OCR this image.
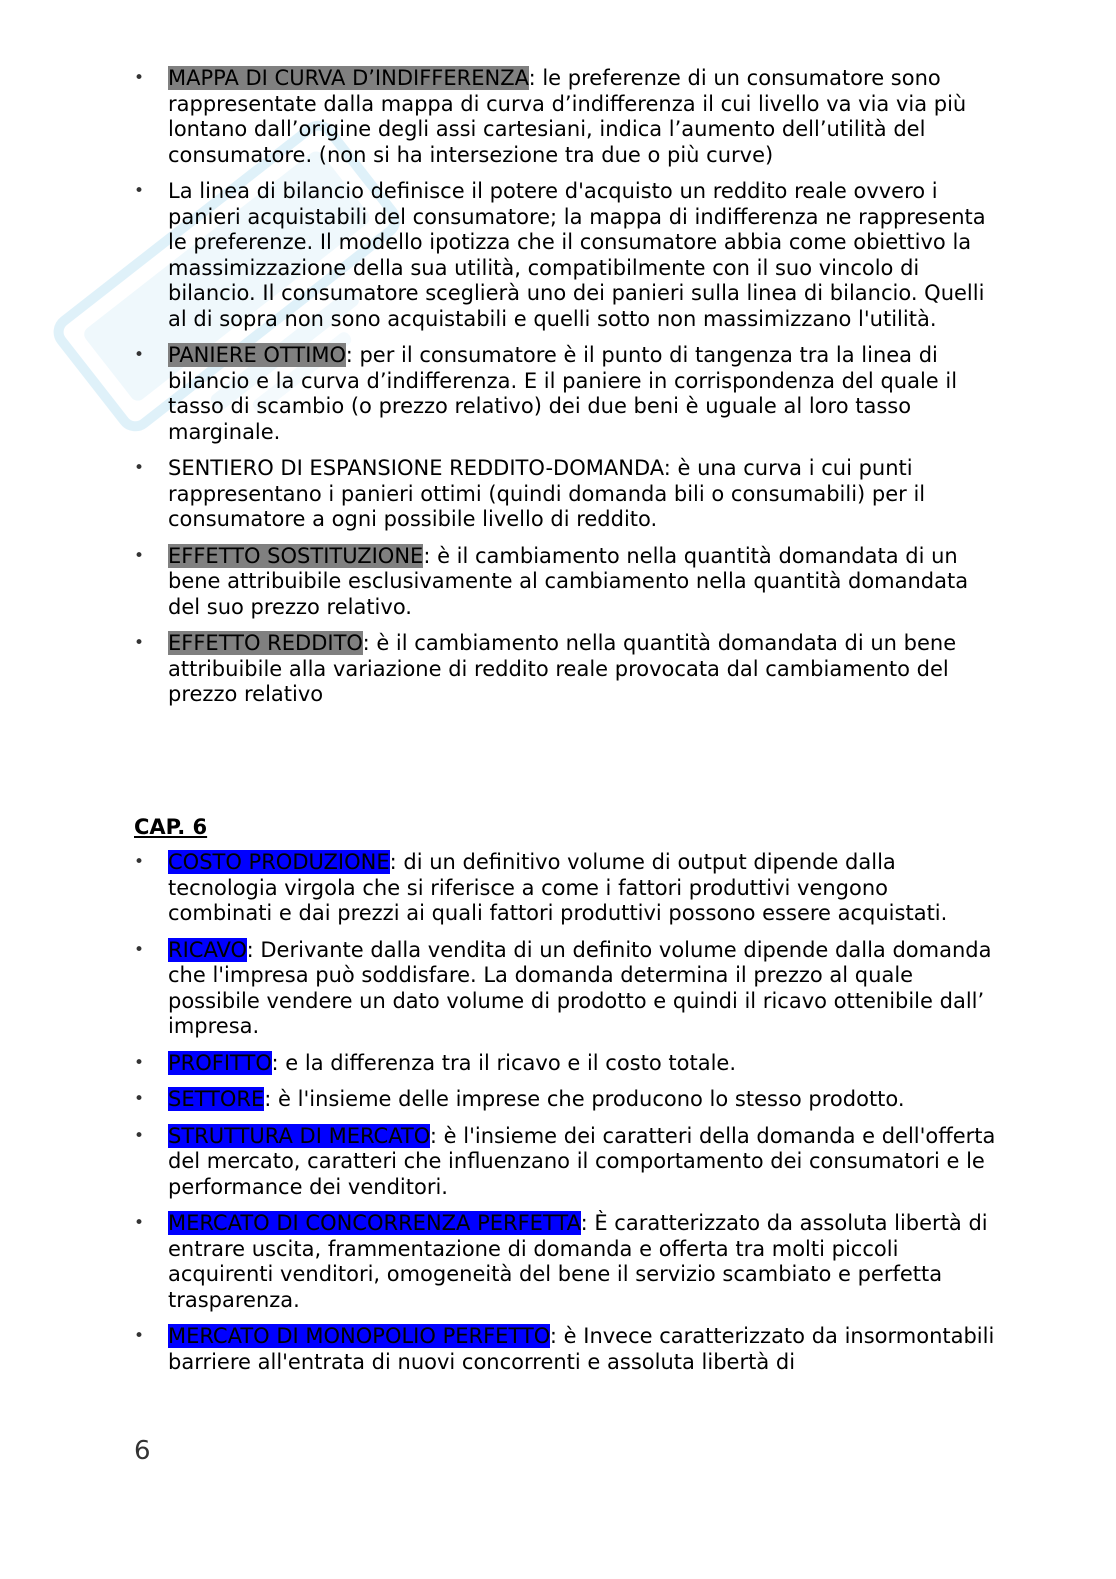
• MAPPA DI CURVA D’INDIFFERENZA: le preferenze di un consumatore sono rappresentate dalla mappa di curva d’indifferenza il cui livello va via via più lontano dall’origine degli assi cartesiani, indica l’aumento dell’utilità del consumatore. (non si ha intersezione tra due o più curve)
• La linea di bilancio definisce il potere d'acquisto un reddito reale ovvero i panieri acquistabili del consumatore; la mappa di indifferenza ne rappresenta le preferenze. Il modello ipotizza che il consumatore abbia come obiettivo la massimizzazione della sua utilità, compatibilmente con il suo vincolo di bilancio. Il consumatore sceglierà uno dei panieri sulla linea di bilancio. Quelli al di sopra non sono acquistabili e quelli sotto non massimizzano l'utilità.
• PANIERE OTTIMO: per il consumatore è il punto di tangenza tra la linea di bilancio e la curva d’indifferenza. E il paniere in corrispondenza del quale il tasso di scambio (o prezzo relativo) dei due beni è uguale al loro tasso marginale.
• SENTIERO DI ESPANSIONE REDDITO-DOMANDA: è una curva i cui punti rappresentano i panieri ottimi (quindi domanda bili o consumabili) per il consumatore a ogni possibile livello di reddito.
• EFFETTO SOSTITUZIONE: è il cambiamento nella quantità domandata di un bene attribuibile esclusivamente al cambiamento nella quantità domandata del suo prezzo relativo.
• EFFETTO REDDITO: è il cambiamento nella quantità domandata di un bene attribuibile alla variazione di reddito reale provocata dal cambiamento del prezzo relativo
CAP. 6
• COSTO PRODUZIONE: di un definitivo volume di output dipende dalla tecnologia virgola che si riferisce a come i fattori produttivi vengono combinati e dai prezzi ai quali fattori produttivi possono essere acquistati.
• RICAVO: Derivante dalla vendita di un definito volume dipende dalla domanda che l'impresa può soddisfare. La domanda determina il prezzo al quale possibile vendere un dato volume di prodotto e quindi il ricavo ottenibile dall’ impresa.
• PROFITTO: e la differenza tra il ricavo e il costo totale.
• SETTORE: è l'insieme delle imprese che producono lo stesso prodotto.
• STRUTTURA DI MERCATO: è l'insieme dei caratteri della domanda e dell'offerta del mercato, caratteri che influenzano il comportamento dei consumatori e le performance dei venditori.
• MERCATO DI CONCORRENZA PERFETTA: È caratterizzato da assoluta libertà di entrare uscita, frammentazione di domanda e offerta tra molti piccoli acquirenti venditori, omogeneità del bene il servizio scambiato e perfetta trasparenza.
• MERCATO DI MONOPOLIO PERFETTO: è Invece caratterizzato da insormontabili barriere all'entrata di nuovi concorrenti e assoluta libertà di
6
